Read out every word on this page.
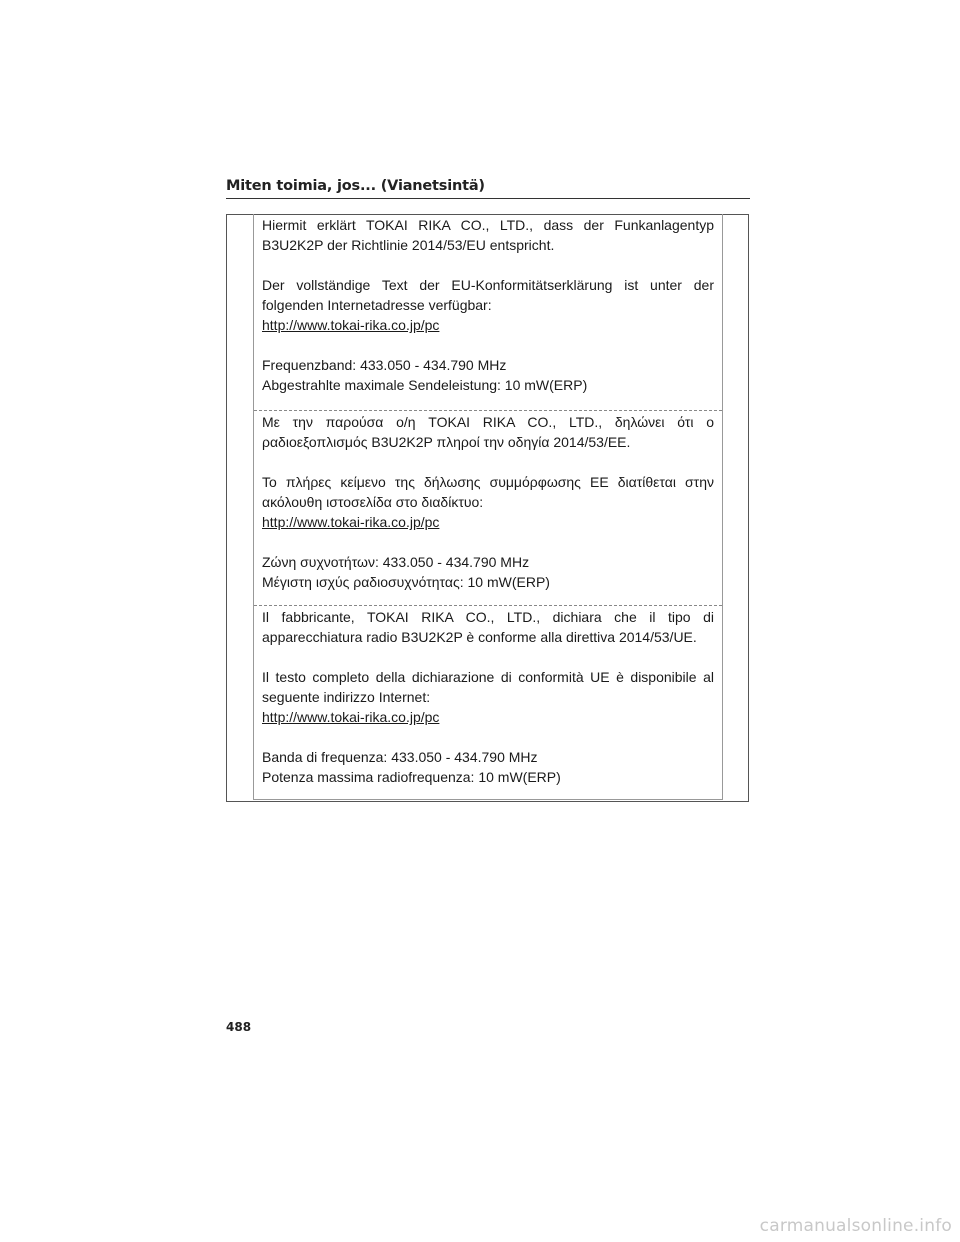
Miten toimia, jos... (Vianetsintä)

Hiermit erklärt TOKAI RIKA CO., LTD., dass der Funkanlagentyp B3U2K2P der Richtlinie 2014/53/EU entspricht.

Der vollständige Text der EU-Konformitätserklärung ist unter der folgenden Internetadresse verfügbar:

http://www.tokai-rika.co.jp/pc

Frequenzband: 433.050 - 434.790 MHz

Abgestrahlte maximale Sendeleistung: 10 mW(ERP)

Με την παρούσα ο/η TOKAI RIKA CO., LTD., δηλώνει ότι ο ραδιοεξοπλισμός B3U2K2P πληροί την οδηγία 2014/53/ΕΕ.

Το πλήρες κείμενο της δήλωσης συμμόρφωσης ΕΕ διατίθεται στην ακόλουθη ιστοσελίδα στο διαδίκτυο:

http://www.tokai-rika.co.jp/pc

Ζώνη συχνοτήτων: 433.050 - 434.790 MHz

Μέγιστη ισχύς ραδιοσυχνότητας: 10 mW(ERP)

Il fabbricante, TOKAI RIKA CO., LTD., dichiara che il tipo di apparecchiatura radio B3U2K2P è conforme alla direttiva 2014/53/UE.

Il testo completo della dichiarazione di conformità UE è disponibile al seguente indirizzo Internet:

http://www.tokai-rika.co.jp/pc

Banda di frequenza: 433.050 - 434.790 MHz

Potenza massima radiofrequenza: 10 mW(ERP)

488
carmanualsonline.info
